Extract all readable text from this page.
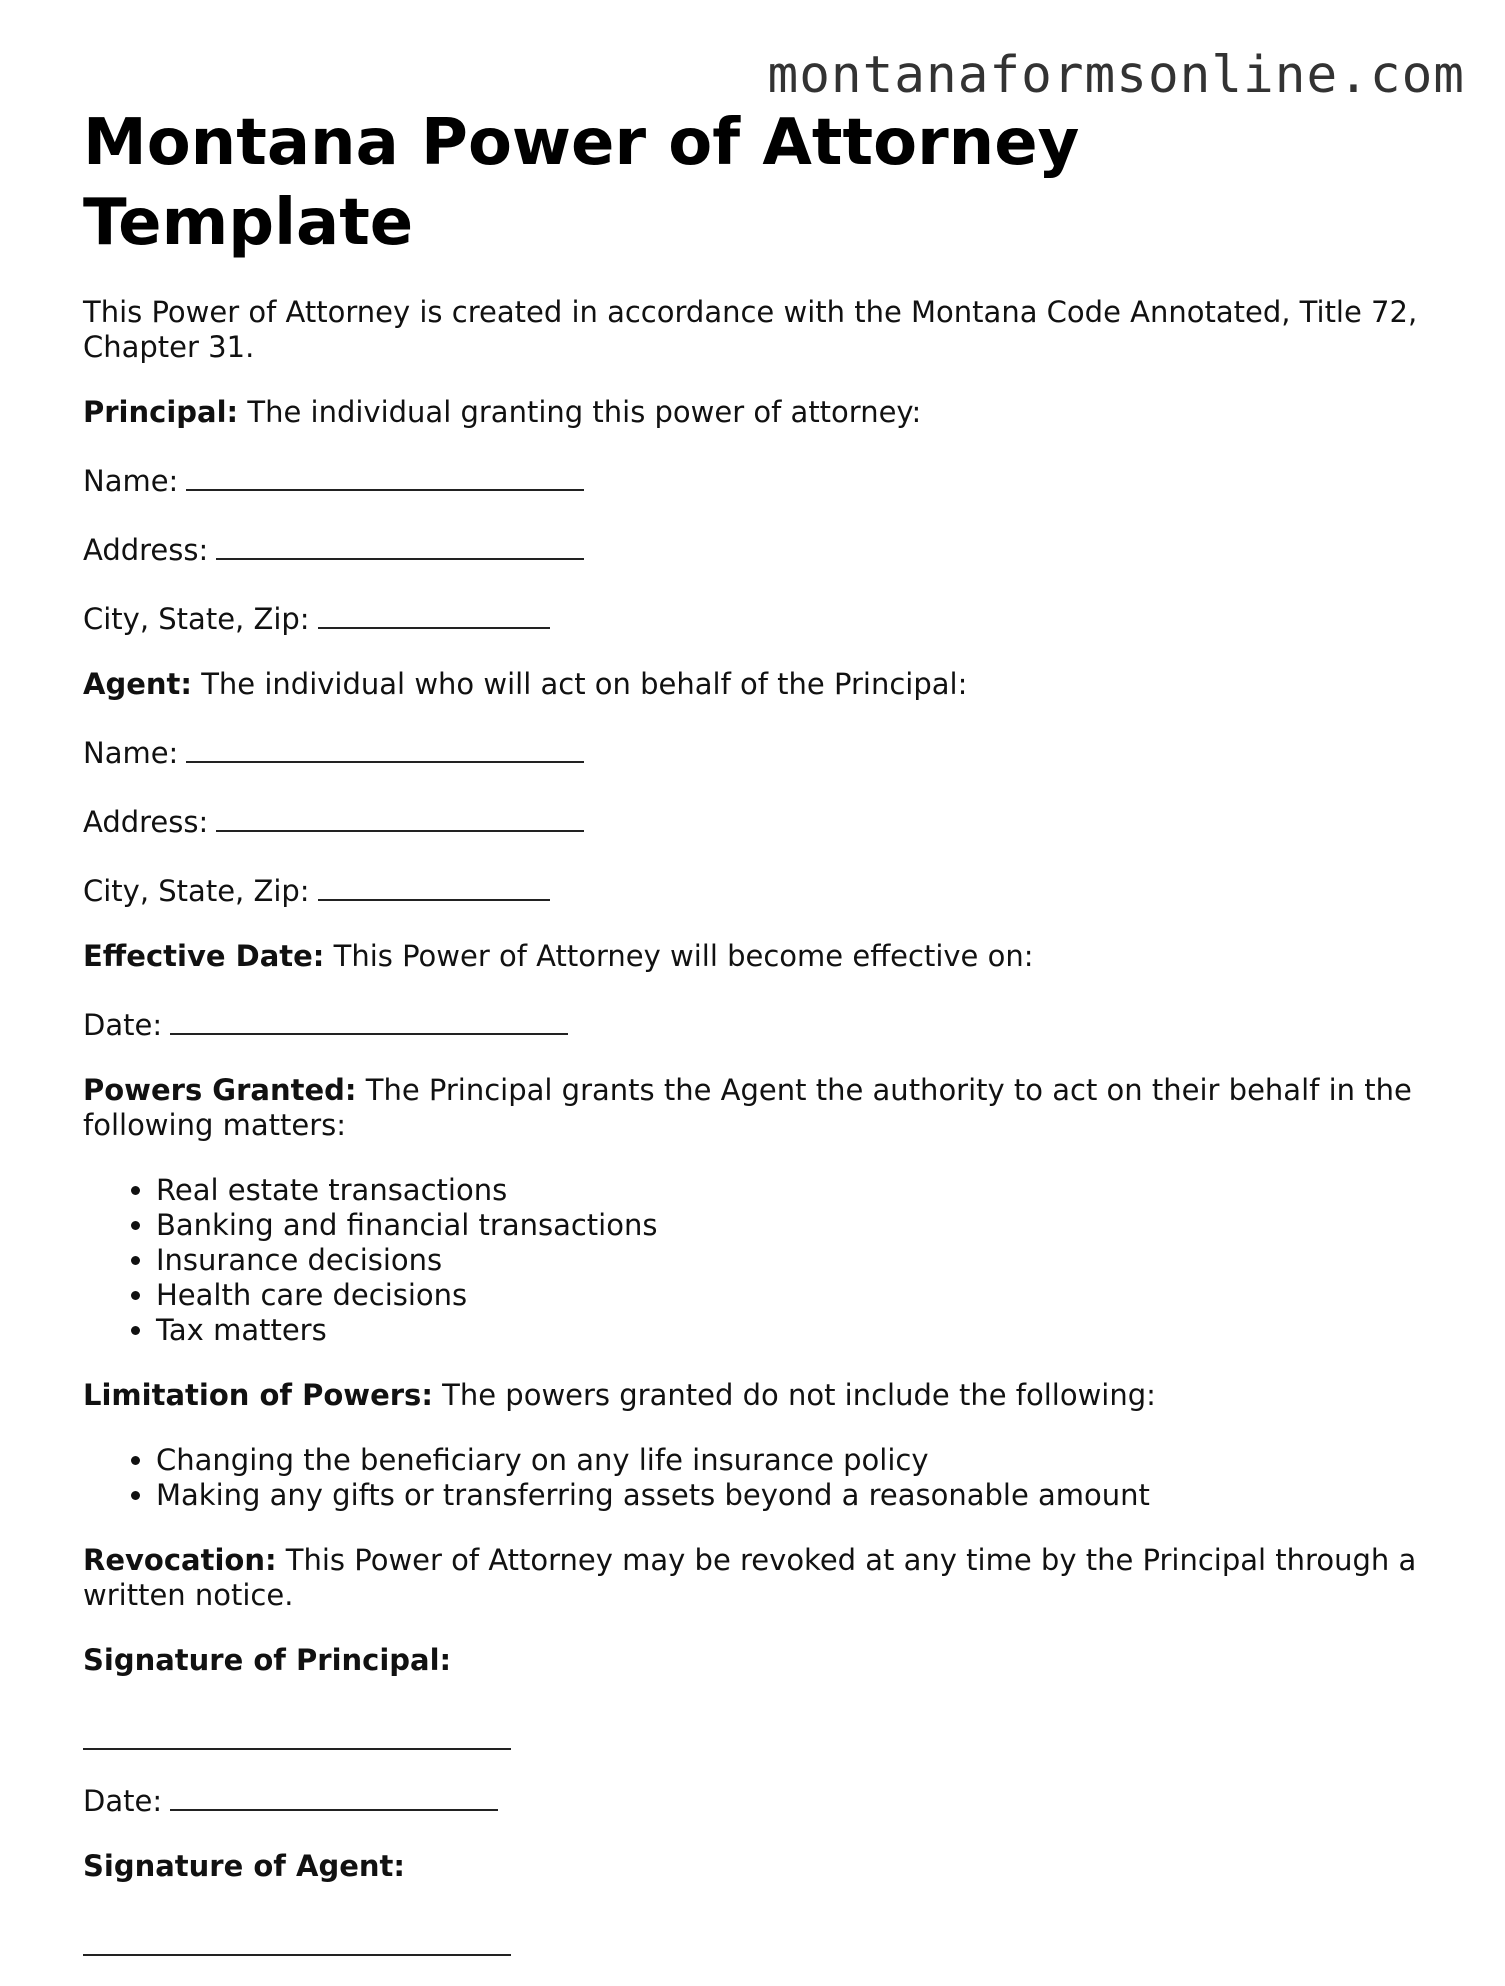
montanaformsonline.com
Montana Power of Attorney Template

This Power of Attorney is created in accordance with the Montana Code Annotated, Title 72, Chapter 31.

Principal: The individual granting this power of attorney:

Name:
Address:
City, State, Zip:

Agent: The individual who will act on behalf of the Principal:

Name:
Address:
City, State, Zip:

Effective Date: This Power of Attorney will become effective on:

Date:

Powers Granted: The Principal grants the Agent the authority to act on their behalf in the following matters:

• Real estate transactions
• Banking and financial transactions
• Insurance decisions
• Health care decisions
• Tax matters

Limitation of Powers: The powers granted do not include the following:

• Changing the beneficiary on any life insurance policy
• Making any gifts or transferring assets beyond a reasonable amount

Revocation: This Power of Attorney may be revoked at any time by the Principal through a written notice.

Signature of Principal:

Date:

Signature of Agent:
